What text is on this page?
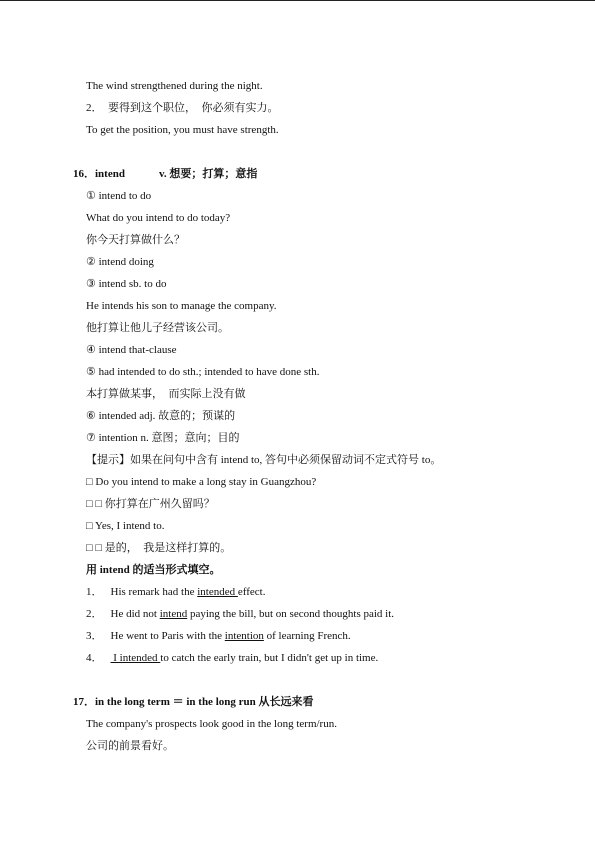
The wind strengthened during the night.
2．　要得到这个职位，　你必须有实力。
To get the position, you must have strength.
16．intend	v. 想要；打算；意指
① intend to do
What do you intend to do today?
你今天打算做什么？
② intend doing
③ intend sb. to do
He intends his son to manage the company.
他打算让他儿子经营该公司。
④ intend that-clause
⑤ had intended to do sth.; intended to have done sth.
本打算做某事，　而实际上没有做
⑥ intended adj. 故意的；预谋的
⑦ intention n. 意图；意向；目的
【提示】如果在问句中含有 intend to, 答句中必须保留动词不定式符号 to。
□ Do you intend to make a long stay in Guangzhou?
□ □ 你打算在广州久留吗？
□ Yes, I intend to.
□ □ 是的，　我是这样打算的。
用 intend 的适当形式填空。
1． His remark had the intended effect.
2． He did not intend paying the bill, but on second thoughts paid it.
3． He went to Paris with the intention of learning French.
4． I intended to catch the early train, but I didn't get up in time.
17．in the long term ＝ in the long run 从长远来看
The company's prospects look good in the long term/run.
公司的前景看好。
